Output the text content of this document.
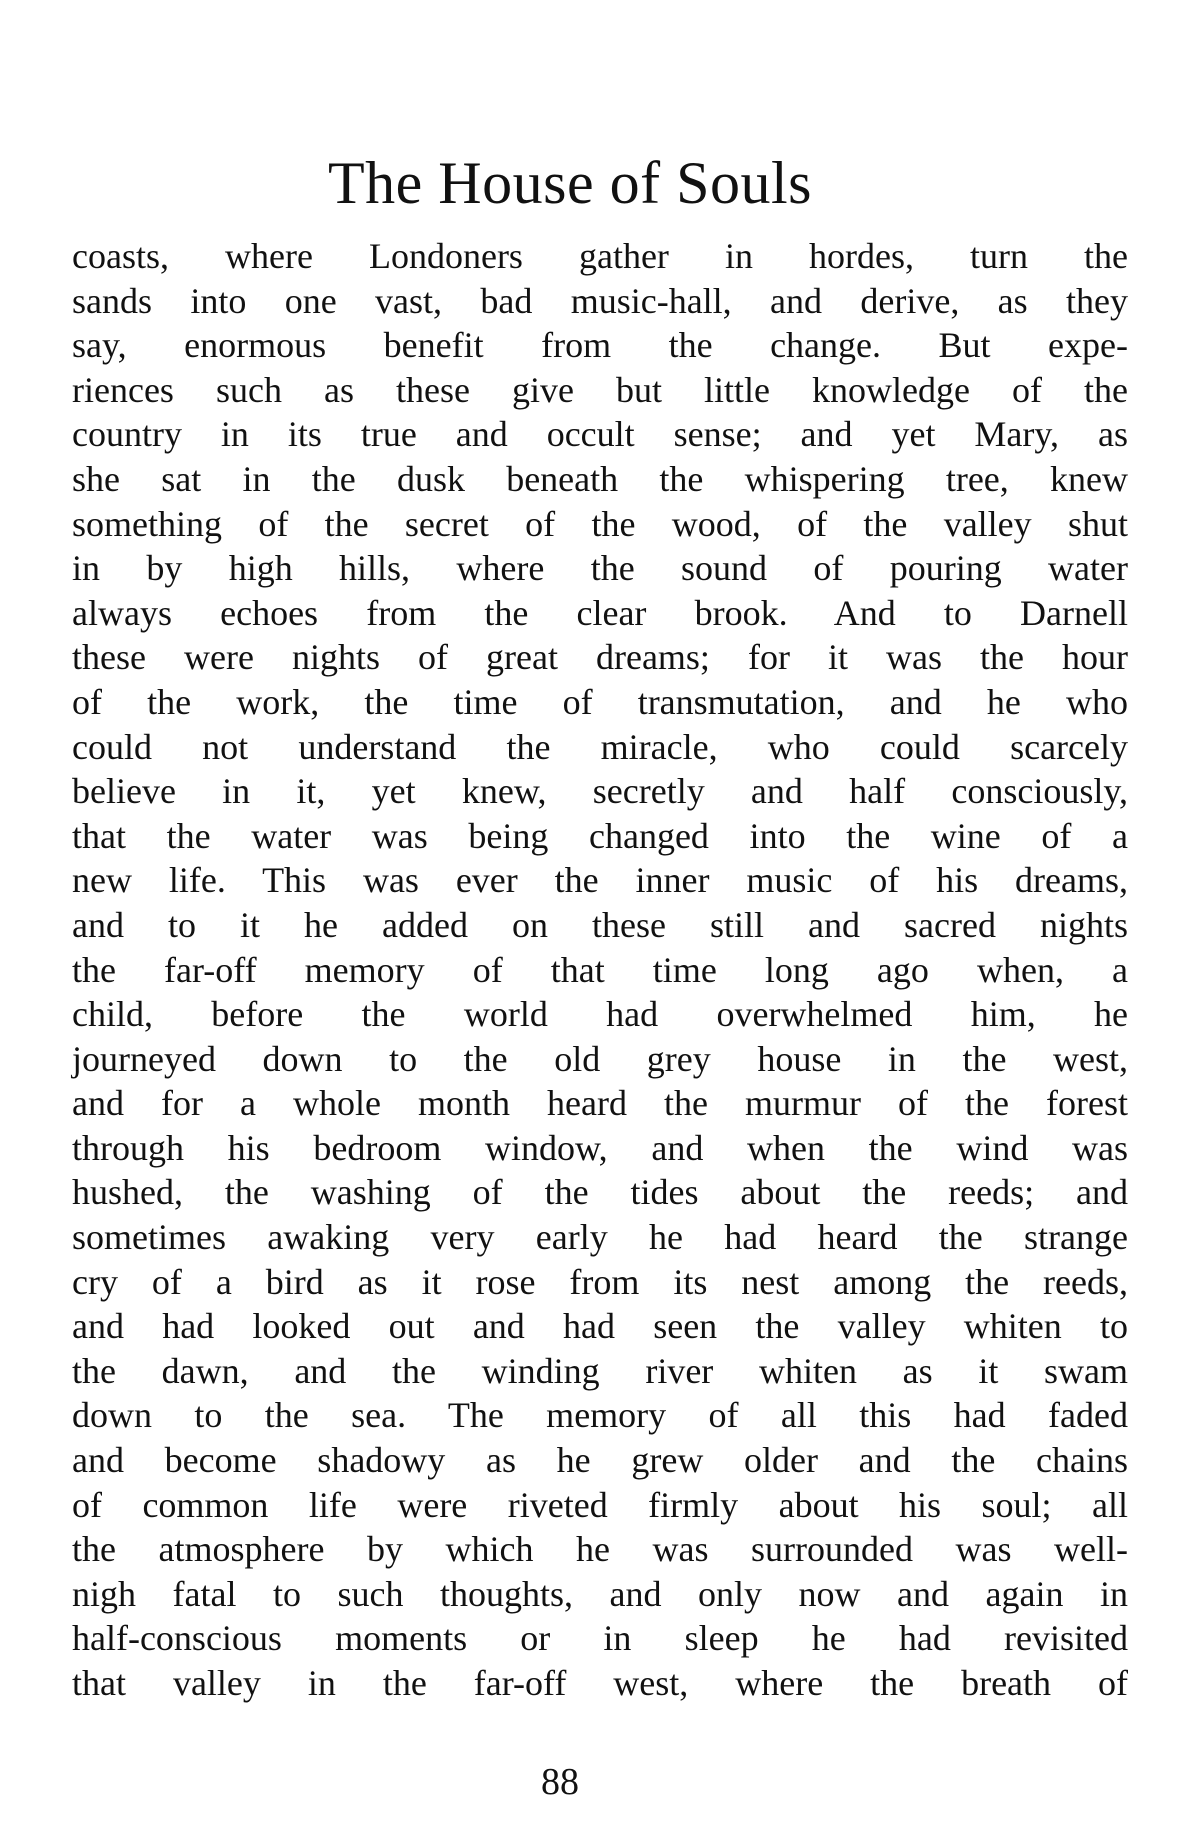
The House of Souls
coasts, where Londoners gather in hordes, turn the
sands into one vast, bad music-hall, and derive, as they
say, enormous benefit from the change. But expe-
riences such as these give but little knowledge of the
country in its true and occult sense; and yet Mary, as
she sat in the dusk beneath the whispering tree, knew
something of the secret of the wood, of the valley shut
in by high hills, where the sound of pouring water
always echoes from the clear brook. And to Darnell
these were nights of great dreams; for it was the hour
of the work, the time of transmutation, and he who
could not understand the miracle, who could scarcely
believe in it, yet knew, secretly and half consciously,
that the water was being changed into the wine of a
new life. This was ever the inner music of his dreams,
and to it he added on these still and sacred nights
the far-off memory of that time long ago when, a
child, before the world had overwhelmed him, he
journeyed down to the old grey house in the west,
and for a whole month heard the murmur of the forest
through his bedroom window, and when the wind was
hushed, the washing of the tides about the reeds; and
sometimes awaking very early he had heard the strange
cry of a bird as it rose from its nest among the reeds,
and had looked out and had seen the valley whiten to
the dawn, and the winding river whiten as it swam
down to the sea. The memory of all this had faded
and become shadowy as he grew older and the chains
of common life were riveted firmly about his soul; all
the atmosphere by which he was surrounded was well-
nigh fatal to such thoughts, and only now and again in
half-conscious moments or in sleep he had revisited
that valley in the far-off west, where the breath of
88
